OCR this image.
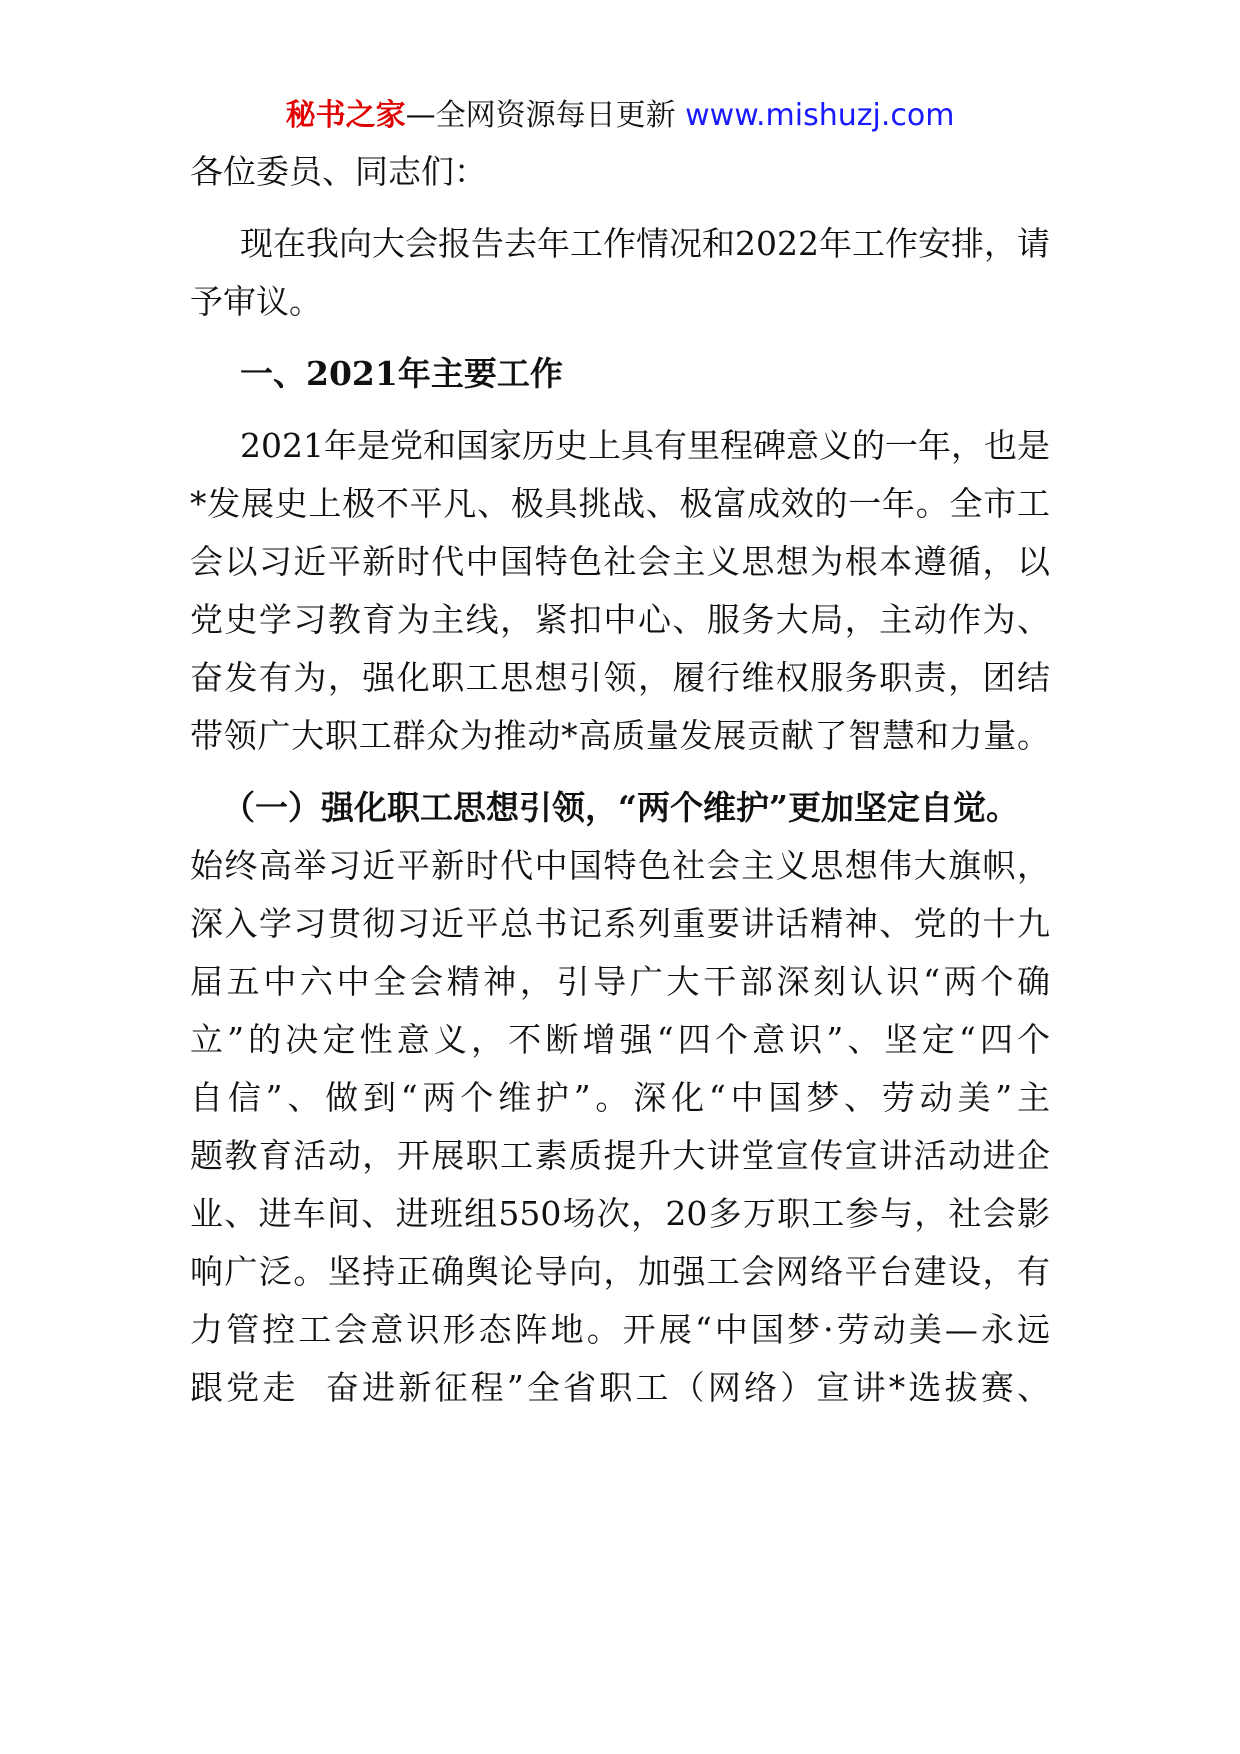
秘书之家—全网资源每日更新 www.mishuzj.com
各位委员、同志们：
现在我向大会报告去年工作情况和2022年工作安排，请
予审议。
一、2021年主要工作
2021年是党和国家历史上具有里程碑意义的一年，也是
*发展史上极不平凡、极具挑战、极富成效的一年。全市工
会以习近平新时代中国特色社会主义思想为根本遵循，以
党史学习教育为主线，紧扣中心、服务大局，主动作为、
奋发有为，强化职工思想引领，履行维权服务职责，团结
带领广大职工群众为推动*高质量发展贡献了智慧和力量。
（一）强化职工思想引领，“两个维护”更加坚定自觉。
始终高举习近平新时代中国特色社会主义思想伟大旗帜，
深入学习贯彻习近平总书记系列重要讲话精神、党的十九
届五中六中全会精神，引导广大干部深刻认识“两个确
立”的决定性意义，不断增强“四个意识”、坚定“四个
自信”、做到“两个维护”。深化“中国梦、劳动美”主
题教育活动，开展职工素质提升大讲堂宣传宣讲活动进企
业、进车间、进班组550场次，20多万职工参与，社会影
响广泛。坚持正确舆论导向，加强工会网络平台建设，有
力管控工会意识形态阵地。开展“中国梦·劳动美—永远
跟党走  奋进新征程”全省职工（网络）宣讲*选拔赛、
